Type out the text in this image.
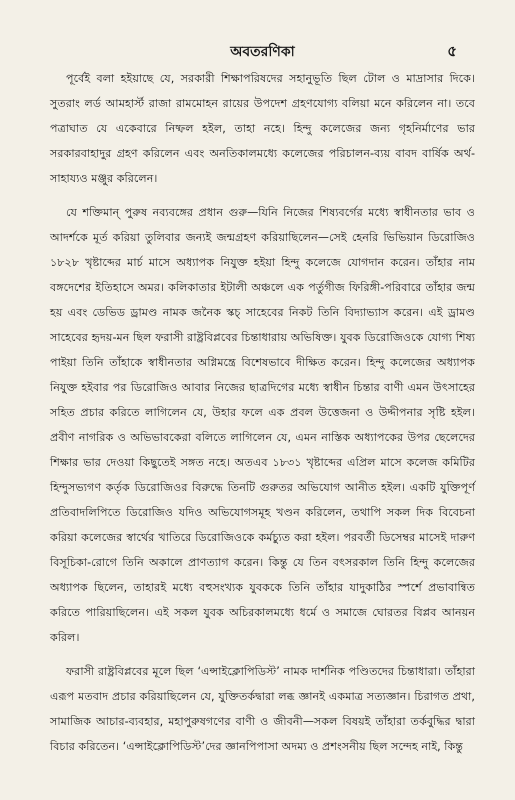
অবতরণিকা	৫

পূর্বেই বলা হইয়াছে যে, সরকারী শিক্ষাপরিষদের সহানুভূতি ছিল টোল ও মাদ্রাসার দিকে। সুতরাং লর্ড আমহার্স্ট রাজা রামমোহন রায়ের উপদেশ গ্রহণযোগ্য বলিয়া মনে করিলেন না। তবে পত্রাঘাত যে একেবারে নিষ্ফল হইল, তাহা নহে। হিন্দু কলেজের জন্য গৃহনির্মাণের ভার সরকারবাহাদুর গ্রহণ করিলেন এবং অনতিকালমধ্যে কলেজের পরিচালন-ব্যয় বাবদ বার্ষিক অর্থ-সাহায্যও মঞ্জুর করিলেন।

যে শক্তিমান্ পুরুষ নব্যবঙ্গের প্রধান গুরু—যিনি নিজের শিষ্যবর্গের মধ্যে স্বাধীনতার ভাব ও আদর্শকে মূর্ত করিয়া তুলিবার জন্যই জন্মগ্রহণ করিয়াছিলেন—সেই হেনরি ভিভিয়ান ডিরোজিও ১৮২৮ খৃষ্টাব্দের মার্চ মাসে অধ্যাপক নিযুক্ত হইয়া হিন্দু কলেজে যোগদান করেন। তাঁহার নাম বঙ্গদেশের ইতিহাসে অমর। কলিকাতার ইটালী অঞ্চলে এক পর্তুগীজ ফিরিঙ্গী-পরিবারে তাঁহার জন্ম হয় এবং ডেভিড ড্রামণ্ড নামক জনৈক স্কচ্ সাহেবের নিকট তিনি বিদ্যাভ্যাস করেন। এই ড্রামণ্ড সাহেবের হৃদয়-মন ছিল ফরাসী রাষ্ট্রবিপ্লবের চিন্তাধারায় অভিষিক্ত। যুবক ডিরোজিওকে যোগ্য শিষ্য পাইয়া তিনি তাঁহাকে স্বাধীনতার অগ্নিমন্ত্রে বিশেষভাবে দীক্ষিত করেন। হিন্দু কলেজের অধ্যাপক নিযুক্ত হইবার পর ডিরোজিও আবার নিজের ছাত্রদিগের মধ্যে স্বাধীন চিন্তার বাণী এমন উৎসাহের সহিত প্রচার করিতে লাগিলেন যে, উহার ফলে এক প্রবল উত্তেজনা ও উদ্দীপনার সৃষ্টি হইল। প্রবীণ নাগরিক ও অভিভাবকেরা বলিতে লাগিলেন যে, এমন নাস্তিক অধ্যাপকের উপর ছেলেদের শিক্ষার ভার দেওয়া কিছুতেই সঙ্গত নহে। অতএব ১৮৩১ খৃষ্টাব্দের এপ্রিল মাসে কলেজ কমিটির হিন্দুসভ্যগণ কর্তৃক ডিরোজিওর বিরুদ্ধে তিনটি গুরুতর অভিযোগ আনীত হইল। একটি যুক্তিপূর্ণ প্রতিবাদলিপিতে ডিরোজিও যদিও অভিযোগসমূহ খণ্ডন করিলেন, তথাপি সকল দিক বিবেচনা করিয়া কলেজের স্বার্থের খাতিরে ডিরোজিওকে কর্মচ্যুত করা হইল। পরবর্তী ডিসেম্বর মাসেই দারুণ বিসূচিকা-রোগে তিনি অকালে প্রাণত্যাগ করেন। কিন্তু যে তিন বৎসরকাল তিনি হিন্দু কলেজের অধ্যাপক ছিলেন, তাহারই মধ্যে বহুসংখ্যক যুবককে তিনি তাঁহার যাদুকাঠির স্পর্শে প্রভাবান্বিত করিতে পারিয়াছিলেন। এই সকল যুবক অচিরকালমধ্যে ধর্মে ও সমাজে ঘোরতর বিপ্লব আনয়ন করিল।

ফরাসী রাষ্ট্রবিপ্লবের মূলে ছিল ‘এন্সাইক্লোপিডিস্ট’ নামক দার্শনিক পণ্ডিতদের চিন্তাধারা। তাঁহারা এরূপ মতবাদ প্রচার করিয়াছিলেন যে, যুক্তিতর্কদ্বারা লব্ধ জ্ঞানই একমাত্র সত্যজ্ঞান। চিরাগত প্রথা, সামাজিক আচার-ব্যবহার, মহাপুরুষগণের বাণী ও জীবনী—সকল বিষয়ই তাঁহারা তর্কবুদ্ধির দ্বারা বিচার করিতেন। ‘এন্সাইক্লোপিডিস্ট’দের জ্ঞানপিপাসা অদম্য ও প্রশংসনীয় ছিল সন্দেহ নাই, কিন্তু
